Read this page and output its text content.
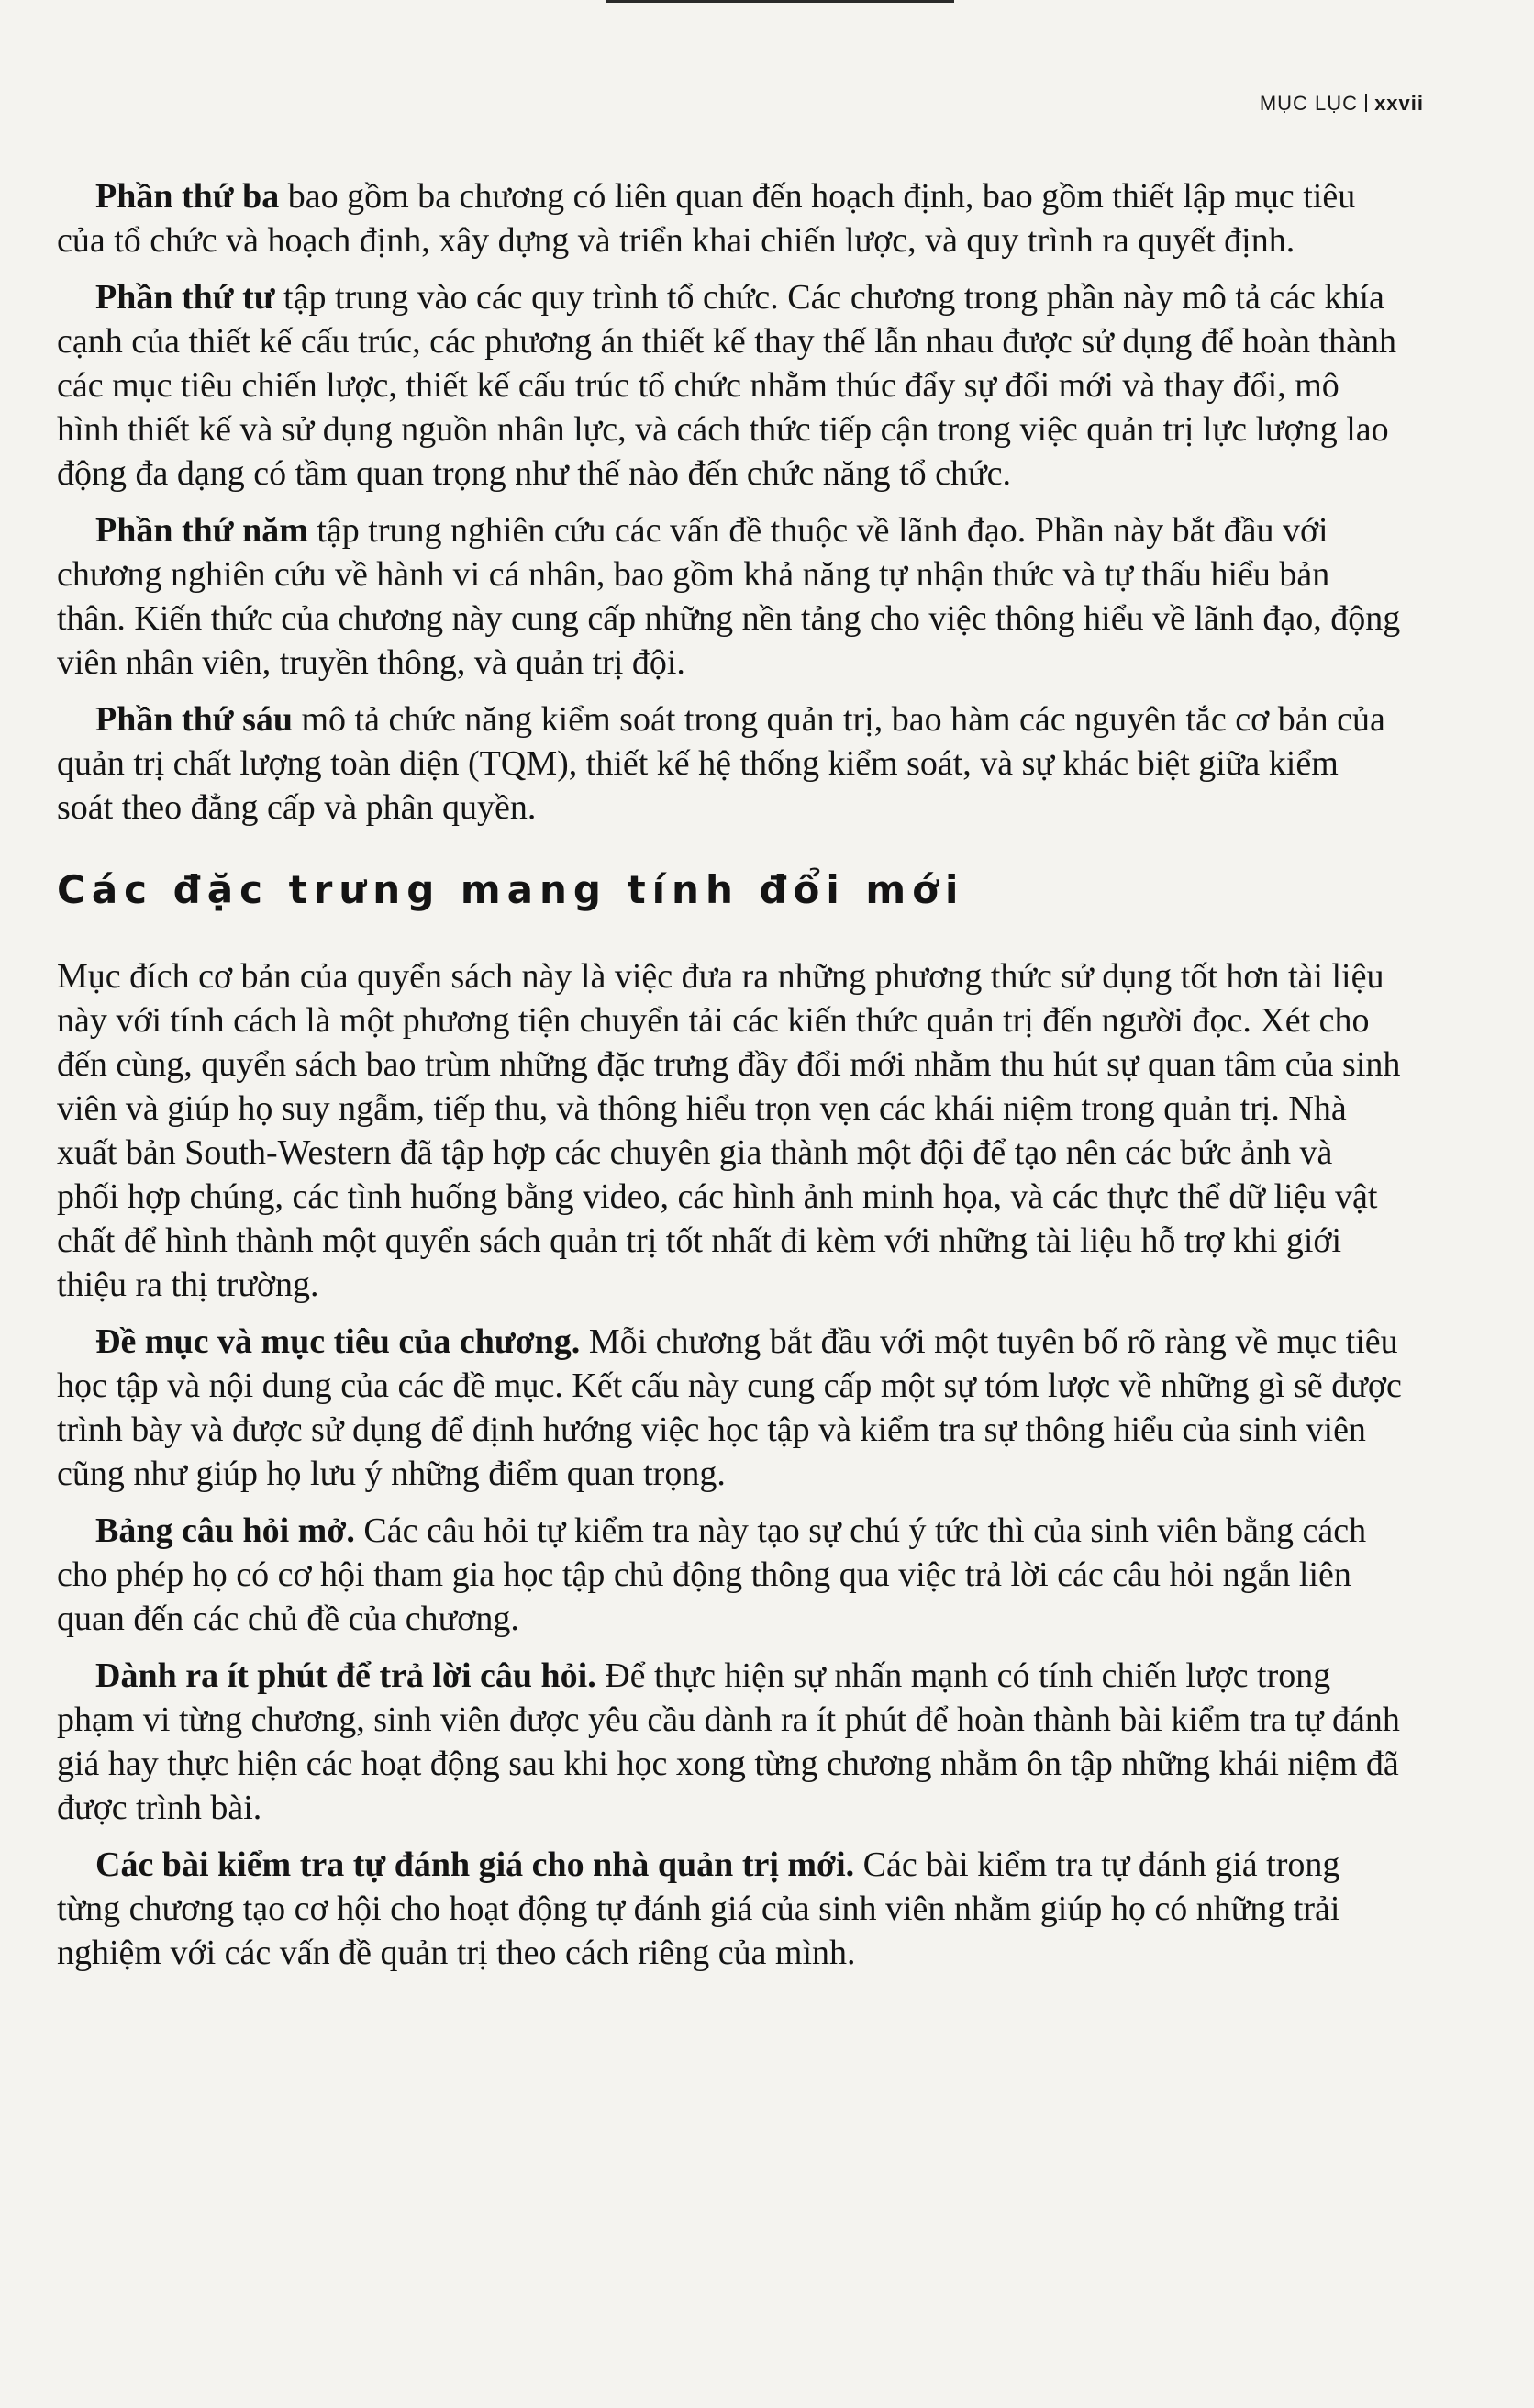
MỤC LỤC xxvii

Phần thứ ba bao gồm ba chương có liên quan đến hoạch định, bao gồm thiết lập mục tiêu của tổ chức và hoạch định, xây dựng và triển khai chiến lược, và quy trình ra quyết định.

Phần thứ tư tập trung vào các quy trình tổ chức. Các chương trong phần này mô tả các khía cạnh của thiết kế cấu trúc, các phương án thiết kế thay thế lẫn nhau được sử dụng để hoàn thành các mục tiêu chiến lược, thiết kế cấu trúc tổ chức nhằm thúc đẩy sự đổi mới và thay đổi, mô hình thiết kế và sử dụng nguồn nhân lực, và cách thức tiếp cận trong việc quản trị lực lượng lao động đa dạng có tầm quan trọng như thế nào đến chức năng tổ chức.

Phần thứ năm tập trung nghiên cứu các vấn đề thuộc về lãnh đạo. Phần này bắt đầu với chương nghiên cứu về hành vi cá nhân, bao gồm khả năng tự nhận thức và tự thấu hiểu bản thân. Kiến thức của chương này cung cấp những nền tảng cho việc thông hiểu về lãnh đạo, động viên nhân viên, truyền thông, và quản trị đội.

Phần thứ sáu mô tả chức năng kiểm soát trong quản trị, bao hàm các nguyên tắc cơ bản của quản trị chất lượng toàn diện (TQM), thiết kế hệ thống kiểm soát, và sự khác biệt giữa kiểm soát theo đẳng cấp và phân quyền.

Các đặc trưng mang tính đổi mới

Mục đích cơ bản của quyển sách này là việc đưa ra những phương thức sử dụng tốt hơn tài liệu này với tính cách là một phương tiện chuyển tải các kiến thức quản trị đến người đọc. Xét cho đến cùng, quyển sách bao trùm những đặc trưng đầy đổi mới nhằm thu hút sự quan tâm của sinh viên và giúp họ suy ngẫm, tiếp thu, và thông hiểu trọn vẹn các khái niệm trong quản trị. Nhà xuất bản South-Western đã tập hợp các chuyên gia thành một đội để tạo nên các bức ảnh và phối hợp chúng, các tình huống bằng video, các hình ảnh minh họa, và các thực thể dữ liệu vật chất để hình thành một quyển sách quản trị tốt nhất đi kèm với những tài liệu hỗ trợ khi giới thiệu ra thị trường.

Đề mục và mục tiêu của chương. Mỗi chương bắt đầu với một tuyên bố rõ ràng về mục tiêu học tập và nội dung của các đề mục. Kết cấu này cung cấp một sự tóm lược về những gì sẽ được trình bày và được sử dụng để định hướng việc học tập và kiểm tra sự thông hiểu của sinh viên cũng như giúp họ lưu ý những điểm quan trọng.

Bảng câu hỏi mở. Các câu hỏi tự kiểm tra này tạo sự chú ý tức thì của sinh viên bằng cách cho phép họ có cơ hội tham gia học tập chủ động thông qua việc trả lời các câu hỏi ngắn liên quan đến các chủ đề của chương.

Dành ra ít phút để trả lời câu hỏi. Để thực hiện sự nhấn mạnh có tính chiến lược trong phạm vi từng chương, sinh viên được yêu cầu dành ra ít phút để hoàn thành bài kiểm tra tự đánh giá hay thực hiện các hoạt động sau khi học xong từng chương nhằm ôn tập những khái niệm đã được trình bài.

Các bài kiểm tra tự đánh giá cho nhà quản trị mới. Các bài kiểm tra tự đánh giá trong từng chương tạo cơ hội cho hoạt động tự đánh giá của sinh viên nhằm giúp họ có những trải nghiệm với các vấn đề quản trị theo cách riêng của mình.
